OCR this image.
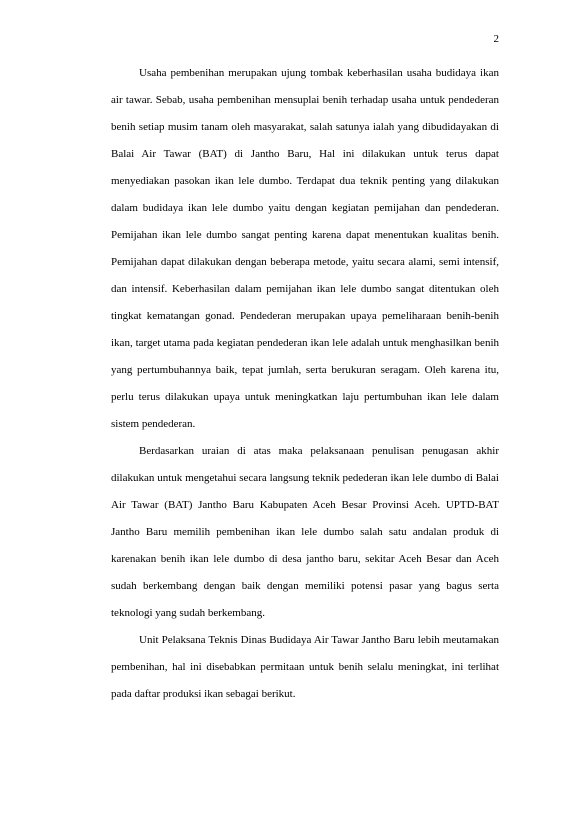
2

Usaha pembenihan merupakan ujung tombak keberhasilan usaha budidaya ikan air tawar. Sebab, usaha pembenihan mensuplai benih terhadap usaha untuk pendederan benih setiap musim tanam oleh masyarakat, salah satunya ialah yang dibudidayakan di Balai Air Tawar (BAT) di Jantho Baru, Hal ini dilakukan untuk terus dapat menyediakan pasokan ikan lele dumbo. Terdapat dua teknik penting yang dilakukan dalam budidaya ikan lele dumbo yaitu dengan kegiatan pemijahan dan pendederan. Pemijahan ikan lele dumbo sangat penting karena dapat menentukan kualitas benih. Pemijahan dapat dilakukan dengan beberapa metode, yaitu secara alami, semi intensif, dan intensif. Keberhasilan dalam pemijahan ikan lele dumbo sangat ditentukan oleh tingkat kematangan gonad. Pendederan merupakan upaya pemeliharaan benih-benih ikan, target utama pada kegiatan pendederan ikan lele adalah untuk menghasilkan benih yang pertumbuhannya baik, tepat jumlah, serta berukuran seragam. Oleh karena itu, perlu terus dilakukan upaya untuk meningkatkan laju pertumbuhan ikan lele dalam sistem pendederan.

Berdasarkan uraian di atas maka pelaksanaan penulisan penugasan akhir dilakukan untuk mengetahui secara langsung teknik pedederan ikan lele dumbo di Balai Air Tawar (BAT) Jantho Baru Kabupaten Aceh Besar Provinsi Aceh. UPTD-BAT Jantho Baru memilih pembenihan ikan lele dumbo salah satu andalan produk di karenakan benih ikan lele dumbo di desa jantho baru, sekitar Aceh Besar dan Aceh sudah berkembang dengan baik dengan memiliki potensi pasar yang bagus serta teknologi yang sudah berkembang.

Unit Pelaksana Teknis Dinas Budidaya Air Tawar Jantho Baru lebih meutamakan pembenihan, hal ini disebabkan permitaan untuk benih selalu meningkat, ini terlihat pada daftar produksi ikan sebagai berikut.
